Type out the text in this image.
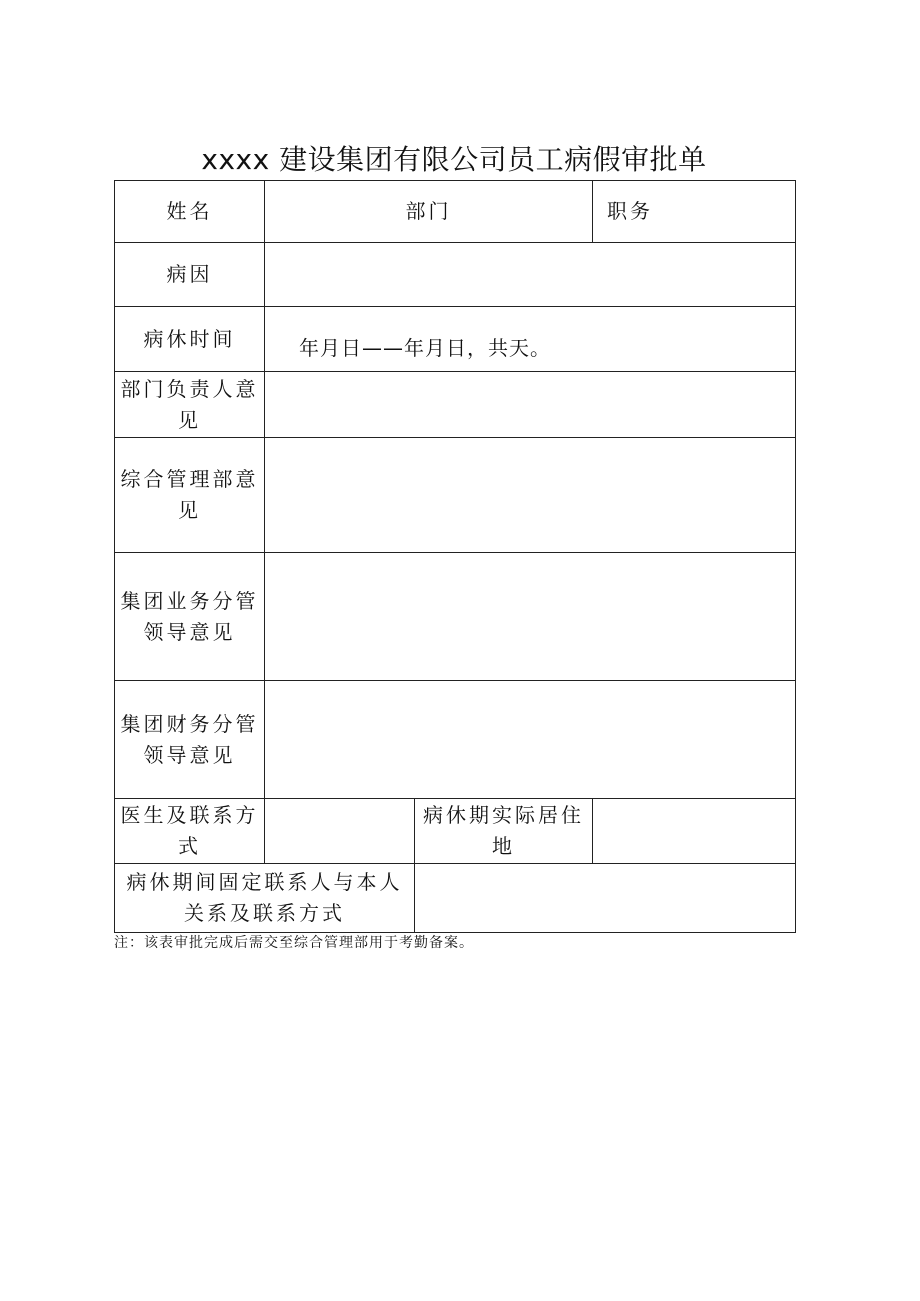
xxxx 建设集团有限公司员工病假审批单
姓名	部门		职务
病因			
病休时间	年月日——年月日，共天。		

部门负责人意见			

综合管理部意见			

集团业务分管领导意见			

集团财务分管领导意见			

医生及联系方式		病休期实际居住地	

病休期间固定联系人与本人关系及联系方式			

注：该表审批完成后需交至综合管理部用于考勤备案。
